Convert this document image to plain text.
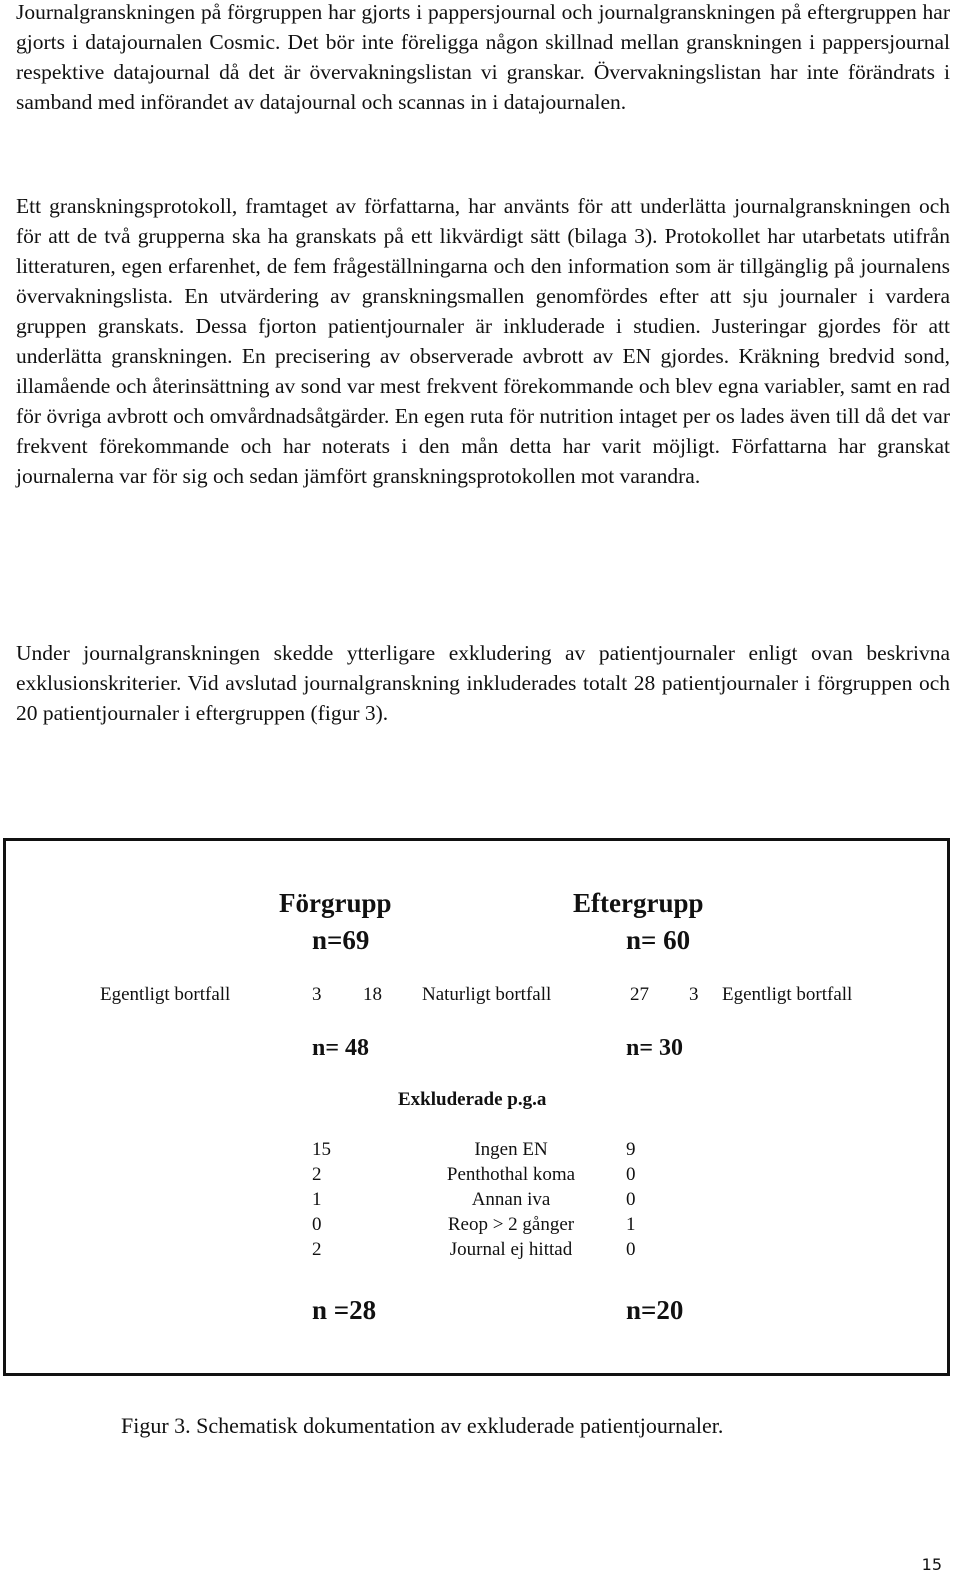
Journalgranskningen på förgruppen har gjorts i pappersjournal och journalgranskningen på eftergruppen har gjorts i datajournalen Cosmic. Det bör inte föreligga någon skillnad mellan granskningen i pappersjournal respektive datajournal då det är övervakningslistan vi granskar. Övervakningslistan har inte förändrats i samband med införandet av datajournal och scannas in i datajournalen.

Ett granskningsprotokoll, framtaget av författarna, har använts för att underlätta journalgranskningen och för att de två grupperna ska ha granskats på ett likvärdigt sätt (bilaga 3). Protokollet har utarbetats utifrån litteraturen, egen erfarenhet, de fem frågeställningarna och den information som är tillgänglig på journalens övervakningslista. En utvärdering av granskningsmallen genomfördes efter att sju journaler i vardera gruppen granskats. Dessa fjorton patientjournaler är inkluderade i studien. Justeringar gjordes för att underlätta granskningen. En precisering av observerade avbrott av EN gjordes. Kräkning bredvid sond, illamående och återinsättning av sond var mest frekvent förekommande och blev egna variabler, samt en rad för övriga avbrott och omvårdnadsåtgärder. En egen ruta för nutrition intaget per os lades även till då det var frekvent förekommande och har noterats i den mån detta har varit möjligt. Författarna har granskat journalerna var för sig och sedan jämfört granskningsprotokollen mot varandra.

Under journalgranskningen skedde ytterligare exkludering av patientjournaler enligt ovan beskrivna exklusionskriterier. Vid avslutad journalgranskning inkluderades totalt 28 patientjournaler i förgruppen och 20 patientjournaler i eftergruppen (figur 3).

Förgrupp	Eftergrupp
n=69	n= 60
Egentligt bortfall	3 18 Naturligt bortfall	27 3 Egentligt bortfall
n= 48	n= 30
Exkluderade p.g.a
15	Ingen EN	9
2	Penthothal koma	0
1	Annan iva	0
0	Reop > 2 gånger	1
2	Journal ej hittad	0
n =28	n=20
Figur 3. Schematisk dokumentation av exkluderade patientjournaler.
15
